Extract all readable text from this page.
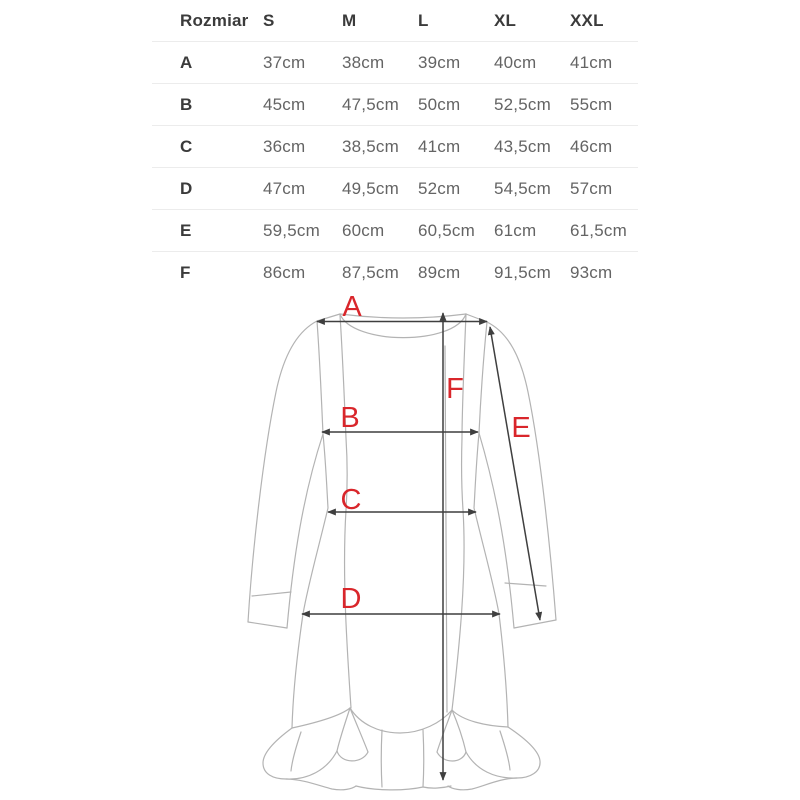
Rozmiar S	M	L	XL	XXL
A	37cm	38cm	39cm	40cm	41cm
B	45cm	47,5cm	50cm	52,5cm	55cm
C	36cm	38,5cm	41cm	43,5cm	46cm
D	47cm	49,5cm	52cm	54,5cm	57cm
E	59,5cm	60cm	60,5cm	61cm	61,5cm
F	86cm	87,5cm	89cm	91,5cm	93cm
A
B
C
D
E
F
